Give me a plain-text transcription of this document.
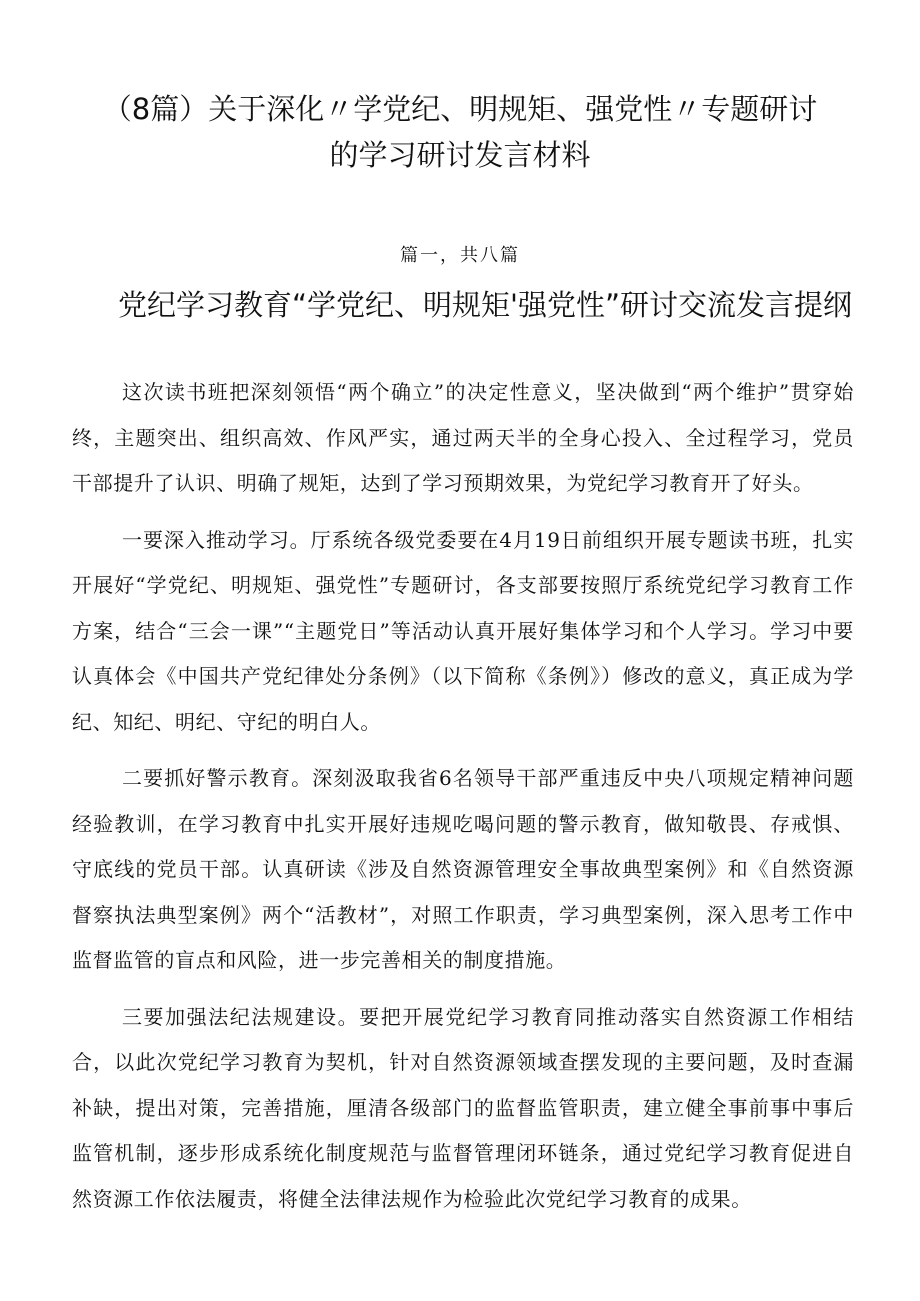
（8篇）关于深化〃学党纪、明规矩、强党性〃专题研讨的学习研讨发言材料
篇一，共八篇
党纪学习教育“学党纪、明规矩'强党性”研讨交流发言提纲

这次读书班把深刻领悟“两个确立”的决定性意义，坚决做到“两个维护”贯穿始终，主题突出、组织高效、作风严实，通过两天半的全身心投入、全过程学习，党员干部提升了认识、明确了规矩，达到了学习预期效果，为党纪学习教育开了好头。

一要深入推动学习。厅系统各级党委要在4月19日前组织开展专题读书班，扎实开展好“学党纪、明规矩、强党性”专题研讨，各支部要按照厅系统党纪学习教育工作方案，结合“三会一课”“主题党日”等活动认真开展好集体学习和个人学习。学习中要认真体会《中国共产党纪律处分条例》（以下简称《条例》）修改的意义，真正成为学纪、知纪、明纪、守纪的明白人。

二要抓好警示教育。深刻汲取我省6名领导干部严重违反中央八项规定精神问题经验教训，在学习教育中扎实开展好违规吃喝问题的警示教育，做知敬畏、存戒惧、守底线的党员干部。认真研读《涉及自然资源管理安全事故典型案例》和《自然资源督察执法典型案例》两个“活教材”，对照工作职责，学习典型案例，深入思考工作中监督监管的盲点和风险，进一步完善相关的制度措施。

三要加强法纪法规建设。要把开展党纪学习教育同推动落实自然资源工作相结合，以此次党纪学习教育为契机，针对自然资源领域查摆发现的主要问题，及时查漏补缺，提出对策，完善措施，厘清各级部门的监督监管职责，建立健全事前事中事后监管机制，逐步形成系统化制度规范与监督管理闭环链条，通过党纪学习教育促进自然资源工作依法履责，将健全法律法规作为检验此次党纪学习教育的成果。
